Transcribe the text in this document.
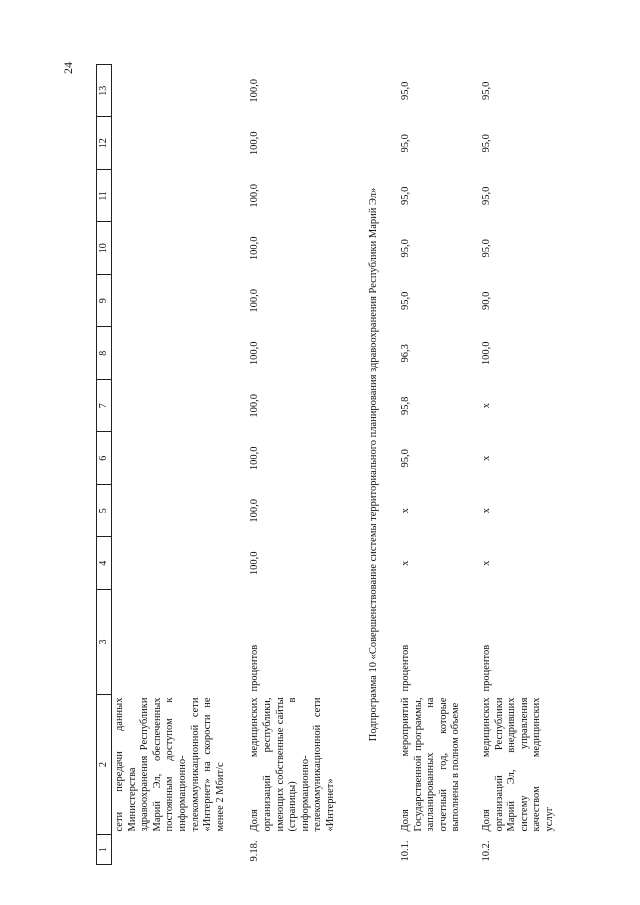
24
1	2	3	4	5	6	7	8	9	10	11	12	13
	сети передачи данных Министерства здравоохранения Республики Марий Эл, обеспеченных постоянным доступом к информационно-телекоммуникационной сети «Интернет» на скорости не менее 2 Мбит/с											
9.18.	Доля медицинских организаций республики, имеющих собственные сайты (страницы) в информационно-телекоммуникационной сети «Интернет»	процентов	100,0	100,0	100,0	100,0	100,0	100,0	100,0	100,0	100,0	100,0
Подпрограмма 10 «Совершенствование системы территориального планирования здравоохранения Республики Марий Эл»												
10.1.	Доля мероприятий Государственной программы, запланированных на отчетный год, которые выполнены в полном объеме	процентов	x	x	95,0	95,8	96,3	95,0	95,0	95,0	95,0	95,0
10.2.	Доля медицинских организаций Республики Марий Эл, внедривших систему управления качеством медицинских услуг	процентов	x	x	x	x	100,0	90,0	95,0	95,0	95,0	95,0
